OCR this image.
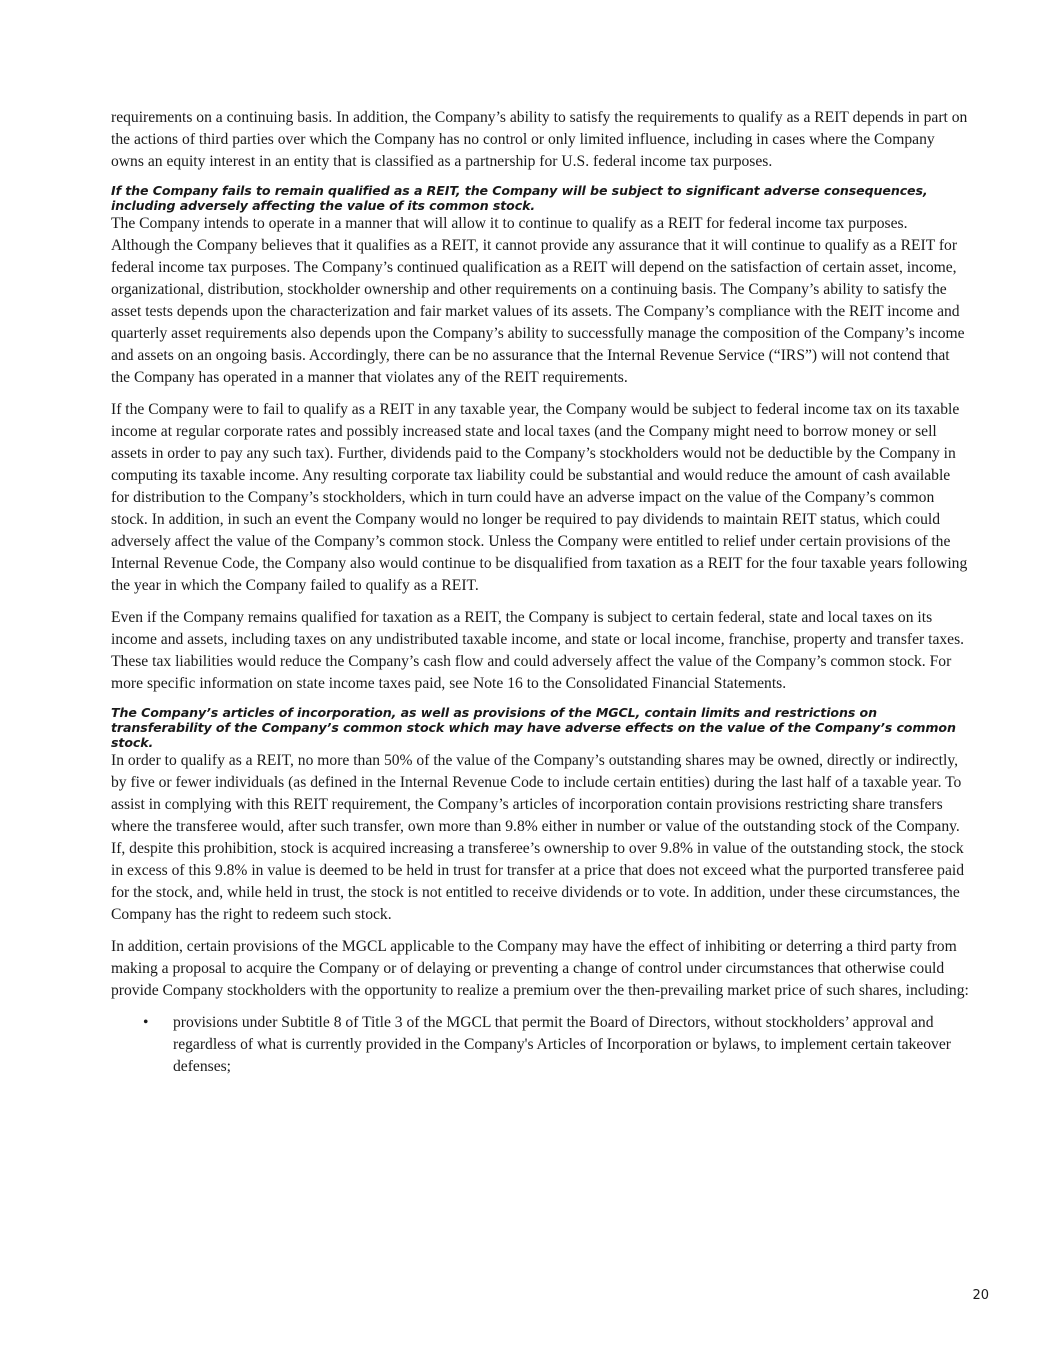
requirements on a continuing basis. In addition, the Company’s ability to satisfy the requirements to qualify as a REIT depends in part on the actions of third parties over which the Company has no control or only limited influence, including in cases where the Company owns an equity interest in an entity that is classified as a partnership for U.S. federal income tax purposes.

If the Company fails to remain qualified as a REIT, the Company will be subject to significant adverse consequences, including adversely affecting the value of its common stock.

The Company intends to operate in a manner that will allow it to continue to qualify as a REIT for federal income tax purposes. Although the Company believes that it qualifies as a REIT, it cannot provide any assurance that it will continue to qualify as a REIT for federal income tax purposes. The Company’s continued qualification as a REIT will depend on the satisfaction of certain asset, income, organizational, distribution, stockholder ownership and other requirements on a continuing basis. The Company’s ability to satisfy the asset tests depends upon the characterization and fair market values of its assets. The Company’s compliance with the REIT income and quarterly asset requirements also depends upon the Company’s ability to successfully manage the composition of the Company’s income and assets on an ongoing basis. Accordingly, there can be no assurance that the Internal Revenue Service (“IRS”) will not contend that the Company has operated in a manner that violates any of the REIT requirements.

If the Company were to fail to qualify as a REIT in any taxable year, the Company would be subject to federal income tax on its taxable income at regular corporate rates and possibly increased state and local taxes (and the Company might need to borrow money or sell assets in order to pay any such tax). Further, dividends paid to the Company’s stockholders would not be deductible by the Company in computing its taxable income. Any resulting corporate tax liability could be substantial and would reduce the amount of cash available for distribution to the Company’s stockholders, which in turn could have an adverse impact on the value of the Company’s common stock. In addition, in such an event the Company would no longer be required to pay dividends to maintain REIT status, which could adversely affect the value of the Company’s common stock. Unless the Company were entitled to relief under certain provisions of the Internal Revenue Code, the Company also would continue to be disqualified from taxation as a REIT for the four taxable years following the year in which the Company failed to qualify as a REIT.

Even if the Company remains qualified for taxation as a REIT, the Company is subject to certain federal, state and local taxes on its income and assets, including taxes on any undistributed taxable income, and state or local income, franchise, property and transfer taxes. These tax liabilities would reduce the Company’s cash flow and could adversely affect the value of the Company’s common stock. For more specific information on state income taxes paid, see Note 16 to the Consolidated Financial Statements.

The Company’s articles of incorporation, as well as provisions of the MGCL, contain limits and restrictions on transferability of the Company’s common stock which may have adverse effects on the value of the Company’s common stock.

In order to qualify as a REIT, no more than 50% of the value of the Company’s outstanding shares may be owned, directly or indirectly, by five or fewer individuals (as defined in the Internal Revenue Code to include certain entities) during the last half of a taxable year. To assist in complying with this REIT requirement, the Company’s articles of incorporation contain provisions restricting share transfers where the transferee would, after such transfer, own more than 9.8% either in number or value of the outstanding stock of the Company. If, despite this prohibition, stock is acquired increasing a transferee’s ownership to over 9.8% in value of the outstanding stock, the stock in excess of this 9.8% in value is deemed to be held in trust for transfer at a price that does not exceed what the purported transferee paid for the stock, and, while held in trust, the stock is not entitled to receive dividends or to vote. In addition, under these circumstances, the Company has the right to redeem such stock.

In addition, certain provisions of the MGCL applicable to the Company may have the effect of inhibiting or deterring a third party from making a proposal to acquire the Company or of delaying or preventing a change of control under circumstances that otherwise could provide Company stockholders with the opportunity to realize a premium over the then-prevailing market price of such shares, including:

• provisions under Subtitle 8 of Title 3 of the MGCL that permit the Board of Directors, without stockholders’ approval and regardless of what is currently provided in the Company's Articles of Incorporation or bylaws, to implement certain takeover defenses;
20
